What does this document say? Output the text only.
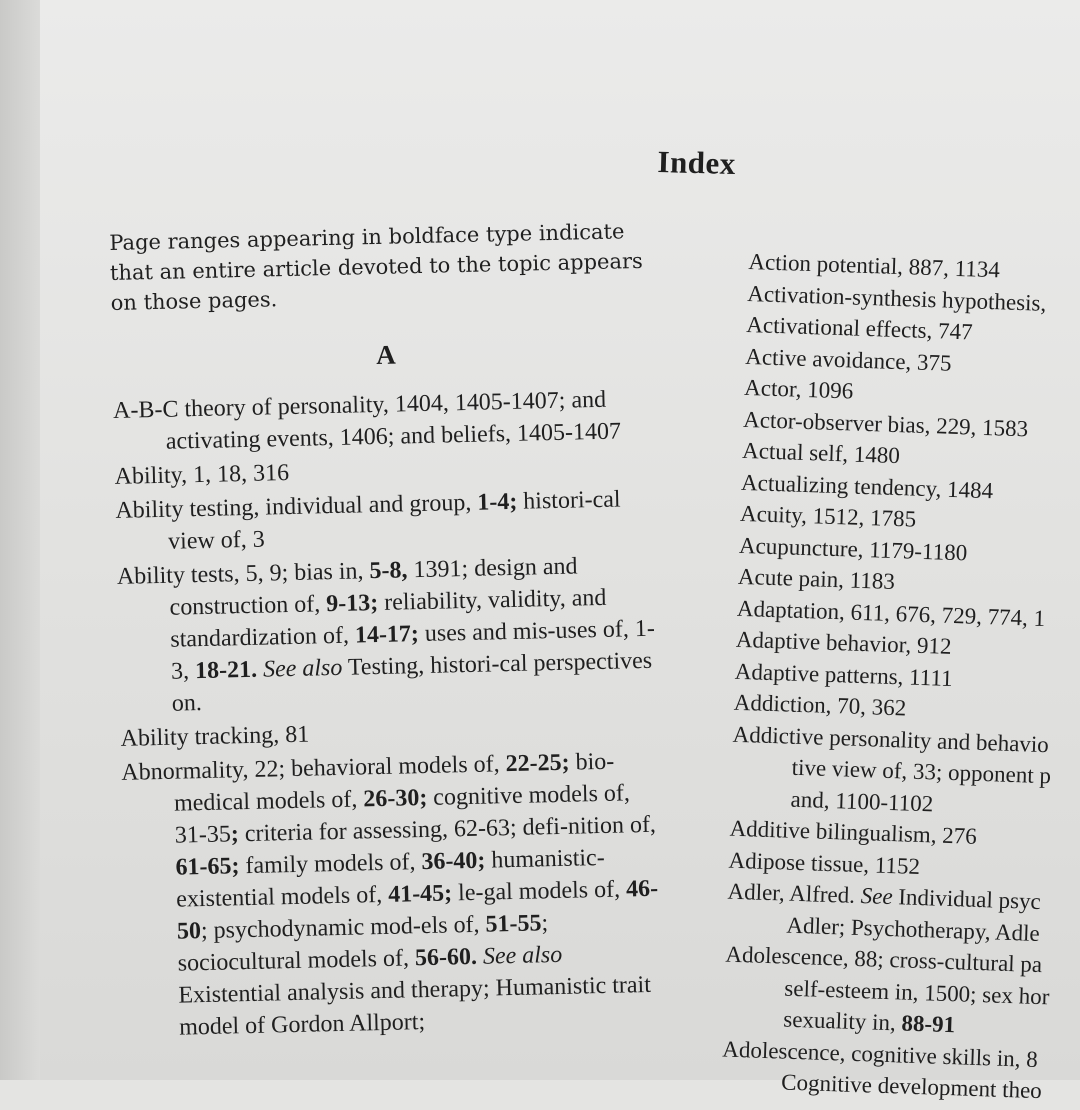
Index

Page ranges appearing in boldface type indicate that an entire article devoted to the topic appears on those pages.

A
A-B-C theory of personality, 1404, 1405-1407; and activating events, 1406; and beliefs, 1405-1407
Ability, 1, 18, 316
Ability testing, individual and group, 1-4; histori-cal view of, 3
Ability tests, 5, 9; bias in, 5-8, 1391; design and construction of, 9-13; reliability, validity, and standardization of, 14-17; uses and mis-uses of, 1-3, 18-21. See also Testing, histori-cal perspectives on.
Ability tracking, 81
Abnormality, 22; behavioral models of, 22-25; bio-medical models of, 26-30; cognitive models of, 31-35; criteria for assessing, 62-63; defi-nition of, 61-65; family models of, 36-40; humanistic-existential models of, 41-45; le-gal models of, 46-50; psychodynamic mod-els of, 51-55; sociocultural models of, 56-60. See also Existential analysis and therapy; Humanistic trait model of Gordon Allport;
Action potential, 887, 1134
Activation-synthesis hypothesis,
Activational effects, 747
Active avoidance, 375
Actor, 1096
Actor-observer bias, 229, 1583
Actual self, 1480
Actualizing tendency, 1484
Acuity, 1512, 1785
Acupuncture, 1179-1180
Acute pain, 1183
Adaptation, 611, 676, 729, 774, 1
Adaptive behavior, 912
Adaptive patterns, 1111
Addiction, 70, 362
Addictive personality and behavio
tive view of, 33; opponent p
and, 1100-1102
Additive bilingualism, 276
Adipose tissue, 1152
Adler, Alfred. See Individual psyc
Adler; Psychotherapy, Adle
Adolescence, 88; cross-cultural pa
self-esteem in, 1500; sex hor
sexuality in, 88-91
Adolescence, cognitive skills in, 8
Cognitive development theo
